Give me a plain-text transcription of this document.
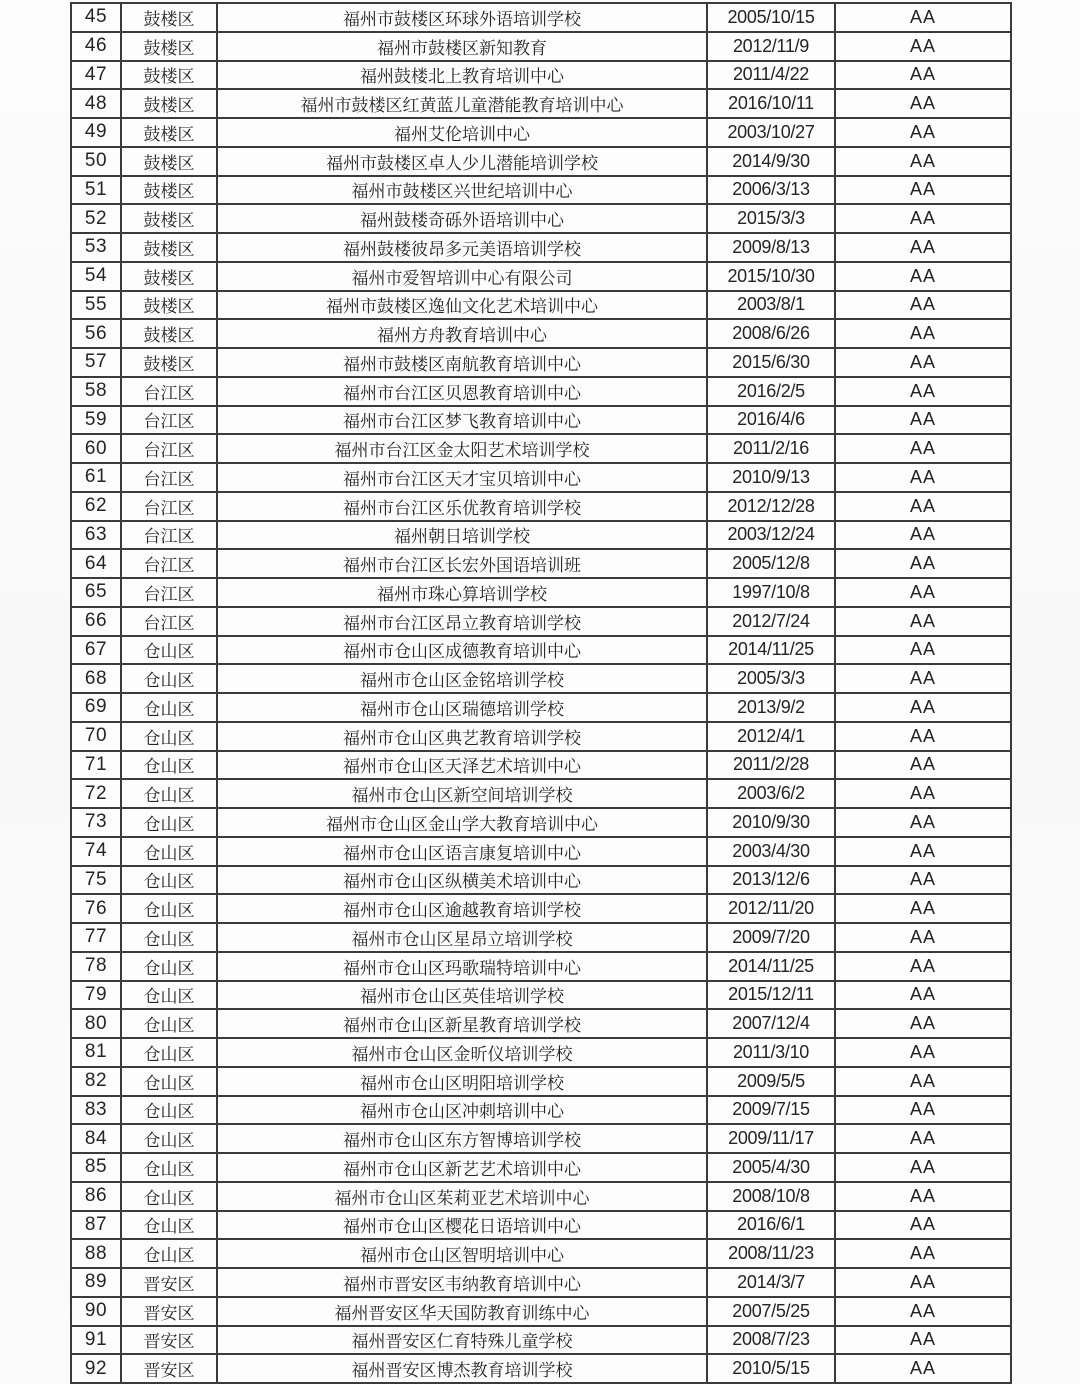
45	鼓楼区	福州市鼓楼区环球外语培训学校	2005/10/15	AA
46	鼓楼区	福州市鼓楼区新知教育	2012/11/9	AA
47	鼓楼区	福州鼓楼北上教育培训中心	2011/4/22	AA
48	鼓楼区	福州市鼓楼区红黄蓝儿童潜能教育培训中心	2016/10/11	AA
49	鼓楼区	福州艾伦培训中心	2003/10/27	AA
50	鼓楼区	福州市鼓楼区卓人少儿潜能培训学校	2014/9/30	AA
51	鼓楼区	福州市鼓楼区兴世纪培训中心	2006/3/13	AA
52	鼓楼区	福州鼓楼奇砾外语培训中心	2015/3/3	AA
53	鼓楼区	福州鼓楼彼昂多元美语培训学校	2009/8/13	AA
54	鼓楼区	福州市爱智培训中心有限公司	2015/10/30	AA
55	鼓楼区	福州市鼓楼区逸仙文化艺术培训中心	2003/8/1	AA
56	鼓楼区	福州方舟教育培训中心	2008/6/26	AA
57	鼓楼区	福州市鼓楼区南航教育培训中心	2015/6/30	AA
58	台江区	福州市台江区贝恩教育培训中心	2016/2/5	AA
59	台江区	福州市台江区梦飞教育培训中心	2016/4/6	AA
60	台江区	福州市台江区金太阳艺术培训学校	2011/2/16	AA
61	台江区	福州市台江区天才宝贝培训中心	2010/9/13	AA
62	台江区	福州市台江区乐优教育培训学校	2012/12/28	AA
63	台江区	福州朝日培训学校	2003/12/24	AA
64	台江区	福州市台江区长宏外国语培训班	2005/12/8	AA
65	台江区	福州市珠心算培训学校	1997/10/8	AA
66	台江区	福州市台江区昂立教育培训学校	2012/7/24	AA
67	仓山区	福州市仓山区成德教育培训中心	2014/11/25	AA
68	仓山区	福州市仓山区金铭培训学校	2005/3/3	AA
69	仓山区	福州市仓山区瑞德培训学校	2013/9/2	AA
70	仓山区	福州市仓山区典艺教育培训学校	2012/4/1	AA
71	仓山区	福州市仓山区天泽艺术培训中心	2011/2/28	AA
72	仓山区	福州市仓山区新空间培训学校	2003/6/2	AA
73	仓山区	福州市仓山区金山学大教育培训中心	2010/9/30	AA
74	仓山区	福州市仓山区语言康复培训中心	2003/4/30	AA
75	仓山区	福州市仓山区纵横美术培训中心	2013/12/6	AA
76	仓山区	福州市仓山区逾越教育培训学校	2012/11/20	AA
77	仓山区	福州市仓山区星昂立培训学校	2009/7/20	AA
78	仓山区	福州市仓山区玛歌瑞特培训中心	2014/11/25	AA
79	仓山区	福州市仓山区英佳培训学校	2015/12/11	AA
80	仓山区	福州市仓山区新星教育培训学校	2007/12/4	AA
81	仓山区	福州市仓山区金昕仪培训学校	2011/3/10	AA
82	仓山区	福州市仓山区明阳培训学校	2009/5/5	AA
83	仓山区	福州市仓山区冲刺培训中心	2009/7/15	AA
84	仓山区	福州市仓山区东方智博培训学校	2009/11/17	AA
85	仓山区	福州市仓山区新艺艺术培训中心	2005/4/30	AA
86	仓山区	福州市仓山区茱莉亚艺术培训中心	2008/10/8	AA
87	仓山区	福州市仓山区樱花日语培训中心	2016/6/1	AA
88	仓山区	福州市仓山区智明培训中心	2008/11/23	AA
89	晋安区	福州市晋安区韦纳教育培训中心	2014/3/7	AA
90	晋安区	福州晋安区华天国防教育训练中心	2007/5/25	AA
91	晋安区	福州晋安区仁育特殊儿童学校	2008/7/23	AA
92	晋安区	福州晋安区博杰教育培训学校	2010/5/15	AA
